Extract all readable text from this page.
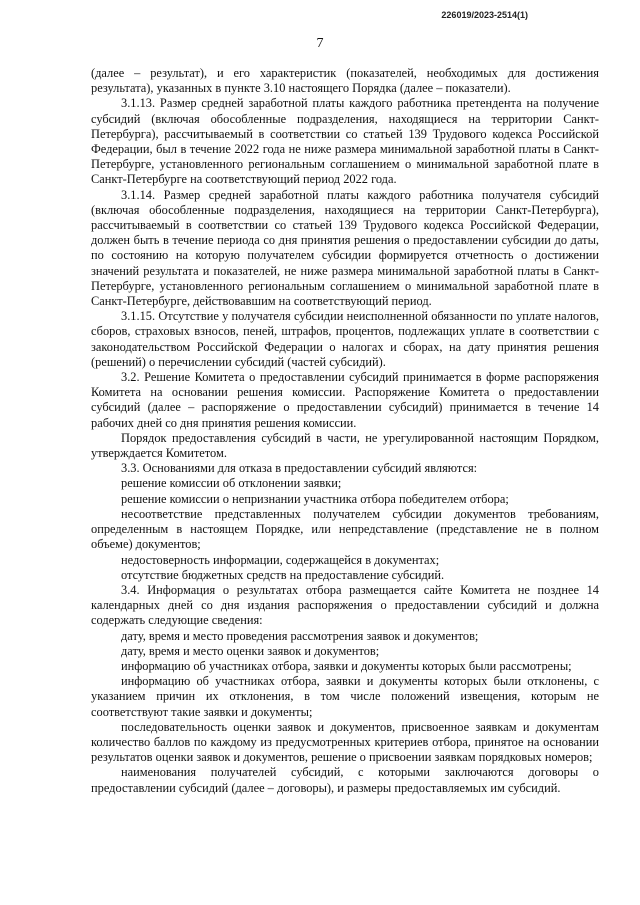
226019/2023-2514(1)
7

(далее – результат), и его характеристик (показателей, необходимых для достижения результата), указанных в пункте 3.10 настоящего Порядка (далее – показатели).

3.1.13. Размер средней заработной платы каждого работника претендента на получение субсидий (включая обособленные подразделения, находящиеся на территории Санкт-Петербурга), рассчитываемый в соответствии со статьей 139 Трудового кодекса Российской Федерации, был в течение 2022 года не ниже размера минимальной заработной платы в Санкт-Петербурге, установленного региональным соглашением о минимальной заработной плате в Санкт-Петербурге на соответствующий период 2022 года.

3.1.14. Размер средней заработной платы каждого работника получателя субсидий (включая обособленные подразделения, находящиеся на территории Санкт-Петербурга), рассчитываемый в соответствии со статьей 139 Трудового кодекса Российской Федерации, должен быть в течение периода со дня принятия решения о предоставлении субсидии до даты, по состоянию на которую получателем субсидии формируется отчетность о достижении значений результата и показателей, не ниже размера минимальной заработной платы в Санкт-Петербурге, установленного региональным соглашением о минимальной заработной плате в Санкт-Петербурге, действовавшим на соответствующий период.

3.1.15. Отсутствие у получателя субсидии неисполненной обязанности по уплате налогов, сборов, страховых взносов, пеней, штрафов, процентов, подлежащих уплате в соответствии с законодательством Российской Федерации о налогах и сборах, на дату принятия решения (решений) о перечислении субсидий (частей субсидий).

3.2. Решение Комитета о предоставлении субсидий принимается в форме распоряжения Комитета на основании решения комиссии. Распоряжение Комитета о предоставлении субсидий (далее – распоряжение о предоставлении субсидий) принимается в течение 14 рабочих дней со дня принятия решения комиссии.

Порядок предоставления субсидий в части, не урегулированной настоящим Порядком, утверждается Комитетом.

3.3. Основаниями для отказа в предоставлении субсидий являются:

решение комиссии об отклонении заявки;

решение комиссии о непризнании участника отбора победителем отбора;

несоответствие представленных получателем субсидии документов требованиям, определенным в настоящем Порядке, или непредставление (представление не в полном объеме) документов;

недостоверность информации, содержащейся в документах;

отсутствие бюджетных средств на предоставление субсидий.

3.4. Информация о результатах отбора размещается сайте Комитета не позднее 14 календарных дней со дня издания распоряжения о предоставлении субсидий и должна содержать следующие сведения:

дату, время и место проведения рассмотрения заявок и документов;

дату, время и место оценки заявок и документов;

информацию об участниках отбора, заявки и документы которых были рассмотрены;

информацию об участниках отбора, заявки и документы которых были отклонены, с указанием причин их отклонения, в том числе положений извещения, которым не соответствуют такие заявки и документы;

последовательность оценки заявок и документов, присвоенное заявкам и документам количество баллов по каждому из предусмотренных критериев отбора, принятое на основании результатов оценки заявок и документов, решение о присвоении заявкам порядковых номеров;

наименования получателей субсидий, с которыми заключаются договоры о предоставлении субсидий (далее – договоры), и размеры предоставляемых им субсидий.
